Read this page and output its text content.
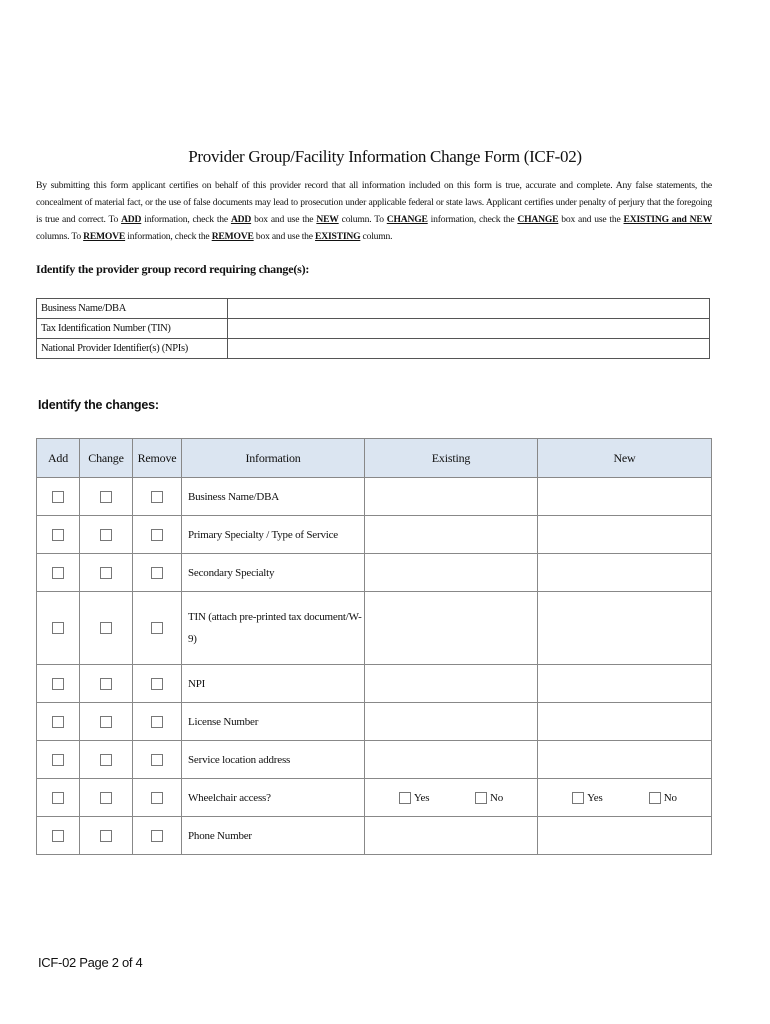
Provider Group/Facility Information Change Form (ICF-02)
By submitting this form applicant certifies on behalf of this provider record that all information included on this form is true, accurate and complete. Any false statements, the concealment of material fact, or the use of false documents may lead to prosecution under applicable federal or state laws. Applicant certifies under penalty of perjury that the foregoing is true and correct. To ADD information, check the ADD box and use the NEW column. To CHANGE information, check the CHANGE box and use the EXISTING and NEW columns. To REMOVE information, check the REMOVE box and use the EXISTING column.
Identify the provider group record requiring change(s):
Business Name/DBA	
Tax Identification Number (TIN)	
National Provider Identifier(s) (NPIs)	
Identify the changes:
Add	Change	Remove	Information	Existing	New
			Business Name/DBA		
			Primary Specialty / Type of Service		
			Secondary Specialty		
			TIN (attach pre-printed tax document/W-9)		
			NPI		
			License Number		
			Service location address		
			Wheelchair access?	Yes No	Yes No

			Phone Number		
ICF-02 Page 2 of 4
